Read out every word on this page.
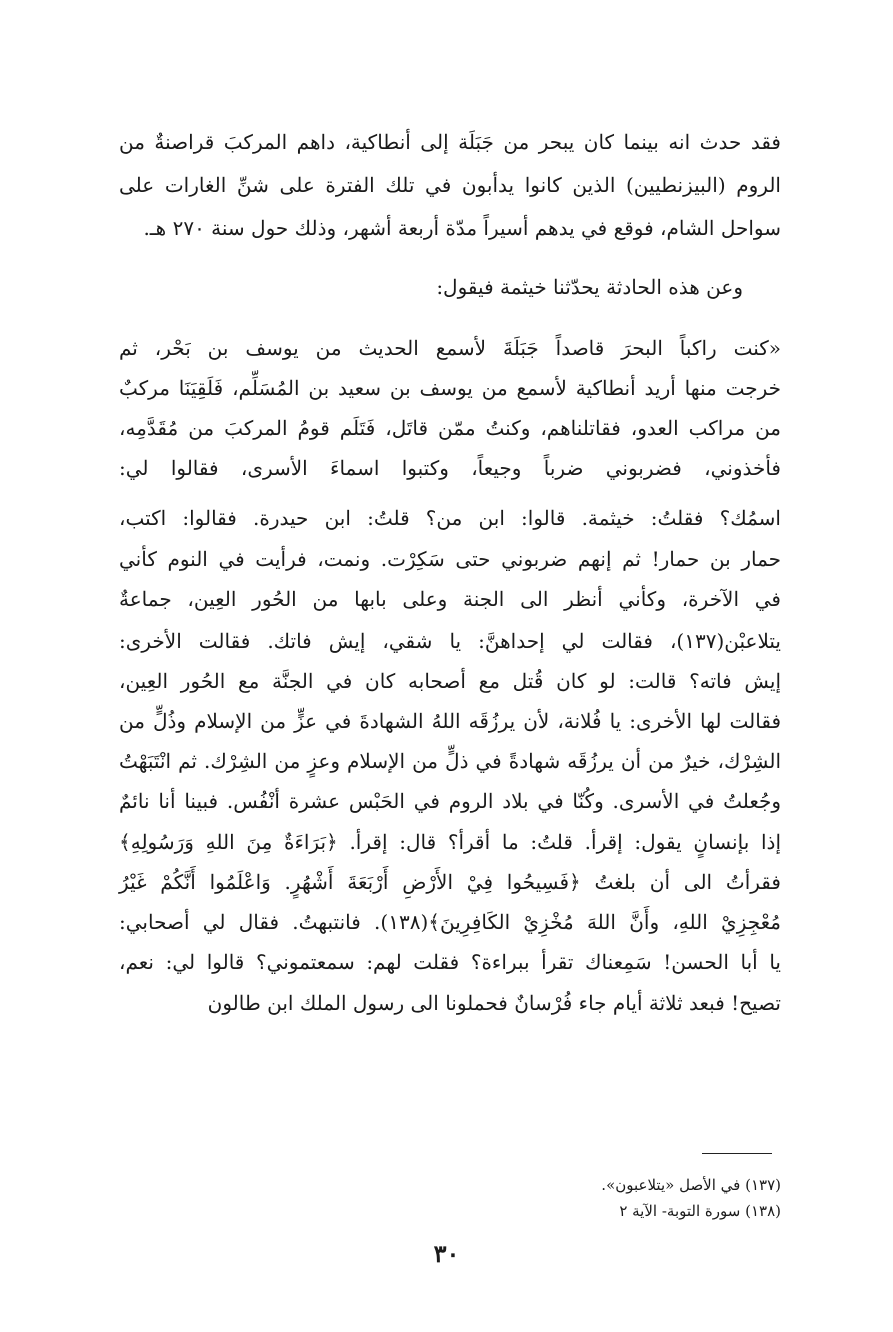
فقد حدث انه بينما كان يبحر من جَبَلَة إلى أنطاكية، داهم المركبَ قراصنةٌ من
الروم (البيزنطيين) الذين كانوا يدأبون في تلك الفترة على شنِّ الغارات على
سواحل الشام، فوقع في يدهم أسيراً مدّة أربعة أشهر، وذلك حول سنة ٢٧٠ هـ.
وعن هذه الحادثة يحدّثنا خيثمة فيقول:
«كنت راكباً البحرَ قاصداً جَبَلَةَ لأسمع الحديث من يوسف بن بَحْر، ثم
خرجت منها أريد أنطاكية لأسمع من يوسف بن سعيد بن المُسَلِّم، فَلَقِيَنَا مركبٌ
من مراكب العدو، فقاتلناهم، وكنتُ ممّن قاتَل، فَتَلَم قومُ المركبَ من مُقَدَّمِه،
فأخذوني، فضربوني ضرباً وجيعاً، وكتبوا اسماءَ الأسرى، فقالوا لي:
اسمُك؟ فقلتُ: خيثمة. قالوا: ابن من؟ قلتُ: ابن حيدرة. فقالوا: اكتب،
حمار بن حمار! ثم إنهم ضربوني حتى سَكِرْت. ونمت، فرأيت في النوم كأني
في الآخرة، وكأني أنظر الى الجنة وعلى بابها من الحُور العِين، جماعةٌ
يتلاعبْن(١٣٧)، فقالت لي إحداهنَّ: يا شقي، إيش فاتك. فقالت الأخرى:
إيش فاته؟ قالت: لو كان قُتل مع أصحابه كان في الجنَّة مع الحُور العِين،
فقالت لها الأخرى: يا فُلانة، لأن يرزُقَه اللهُ الشهادةَ في عزٍّ من الإسلام وذُلٍّ من
الشِرْك، خيرٌ من أن يرزُقَه شهادةً في ذلٍّ من الإسلام وعزٍ من الشِرْك. ثم انْتَبَهْتُ
وجُعلتُ في الأسرى. وكُنّا في بلاد الروم في الحَبْس عشرة أنْفُس. فبينا أنا نائمٌ
إذا بإنسانٍ يقول: إقرأ. قلتُ: ما أقرأ؟ قال: إقرأ. ﴿بَرَاءَةٌ مِنَ اللهِ وَرَسُولِهِ﴾
فقرأتُ الى أن بلغتُ ﴿فَسِيحُوا فِيْ الأَرْضِ أَرْبَعَةَ أَشْهُرٍ. وَاعْلَمُوا أَنَّكُمْ غَيْرُ
مُعْجِزِيْ اللهِ، وأَنَّ اللهَ مُخْزِيْ الكَافِرِينَ﴾(١٣٨). فانتبهتُ. فقال لي أصحابي:
يا أبا الحسن! سَمِعناك تقرأ ببراءة؟ فقلت لهم: سمعتموني؟ قالوا لي: نعم،
تصيح! فبعد ثلاثة أيام جاء فُرْسانٌ فحملونا الى رسول الملك ابن طالون
(١٣٧) في الأصل «يتلاعبون».
(١٣٨) سورة التوبة- الآية ٢
٣٠
